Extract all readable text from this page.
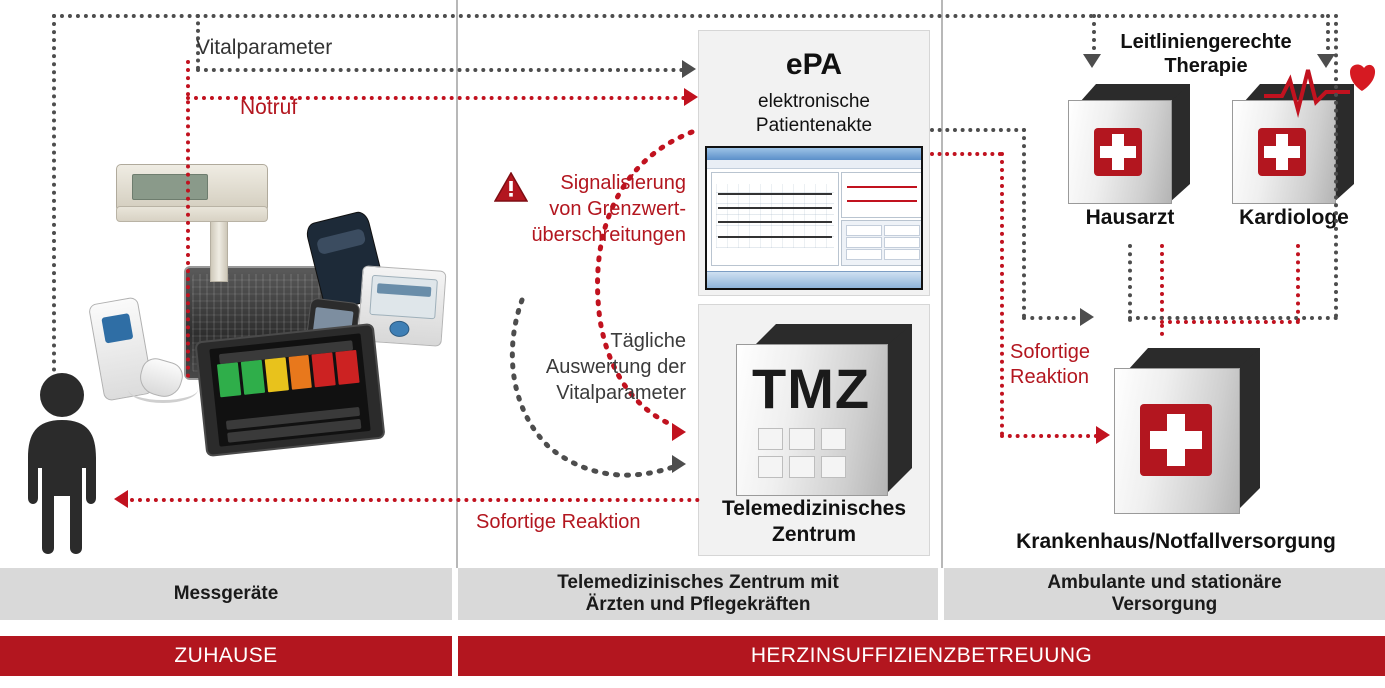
ePA
elektronische
Patientenakte
TMZ
Telemedizinisches
Zentrum
Hausarzt	Kardiologe
Krankenhaus/Notfallversorgung
Vitalparameter
Notruf
Signalisierung
von Grenzwert-
überschreitungen
Tägliche
Auswertung der
Vitalparameter
Sofortige Reaktion
Sofortige
Reaktion
Leitliniengerechte
Therapie
Messgeräte
Telemedizinisches Zentrum mit
Ärzten und Pflegekräften
Ambulante und stationäre
Versorgung
ZUHAUSE	HERZINSUFFIZIENZBETREUUNG
